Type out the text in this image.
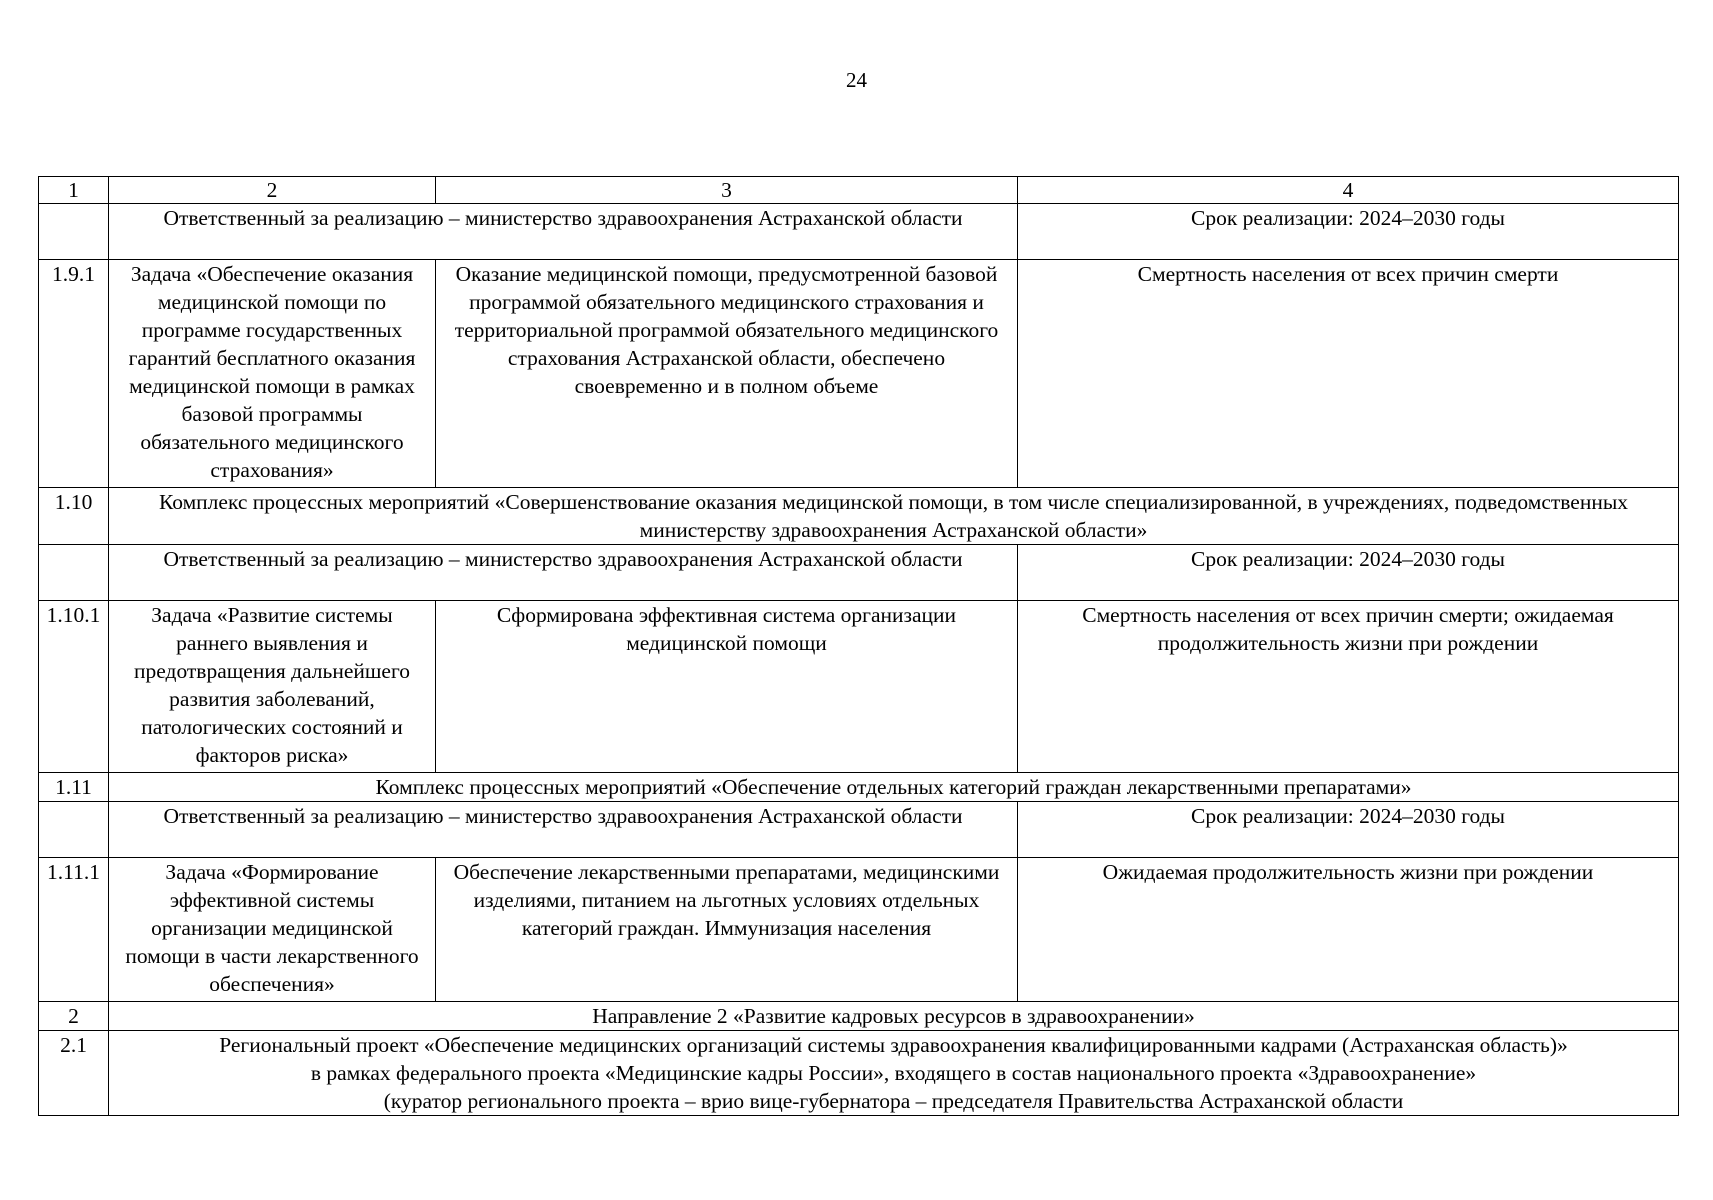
24
1	2	3	4
	Ответственный за реализацию – министерство здравоохранения Астраханской области		Срок реализации: 2024–2030 годы
1.9.1	Задача «Обеспечение оказания медицинской помощи по программе государственных гарантий бесплатного оказания медицинской помощи в рамках базовой программы обязательного медицинского страхования»	Оказание медицинской помощи, предусмотренной базовой программой обязательного медицинского страхования и территориальной программой обязательного медицинского страхования Астраханской области, обеспечено своевременно и в полном объеме	Смертность населения от всех причин смерти
1.10	Комплекс процессных мероприятий «Совершенствование оказания медицинской помощи, в том числе специализированной, в учреждениях, подведомственных министерству здравоохранения Астраханской области»		
	Ответственный за реализацию – министерство здравоохранения Астраханской области		Срок реализации: 2024–2030 годы
1.10.1	Задача «Развитие системы раннего выявления и предотвращения дальнейшего развития заболеваний, патологических состояний и факторов риска»	Сформирована эффективная система организации медицинской помощи	Смертность населения от всех причин смерти; ожидаемая продолжительность жизни при рождении
1.11	Комплекс процессных мероприятий «Обеспечение отдельных категорий граждан лекарственными препаратами»		
	Ответственный за реализацию – министерство здравоохранения Астраханской области		Срок реализации: 2024–2030 годы
1.11.1	Задача «Формирование эффективной системы организации медицинской помощи в части лекарственного обеспечения»	Обеспечение лекарственными препаратами, медицинскими изделиями, питанием на льготных условиях отдельных категорий граждан. Иммунизация населения	Ожидаемая продолжительность жизни при рождении
2	Направление 2 «Развитие кадровых ресурсов в здравоохранении»		
2.1	Региональный проект «Обеспечение медицинских организаций системы здравоохранения квалифицированными кадрами (Астраханская область)»
в рамках федерального проекта «Медицинские кадры России», входящего в состав национального проекта «Здравоохранение»
(куратор регионального проекта – врио вице-губернатора – председателя Правительства Астраханской области		
